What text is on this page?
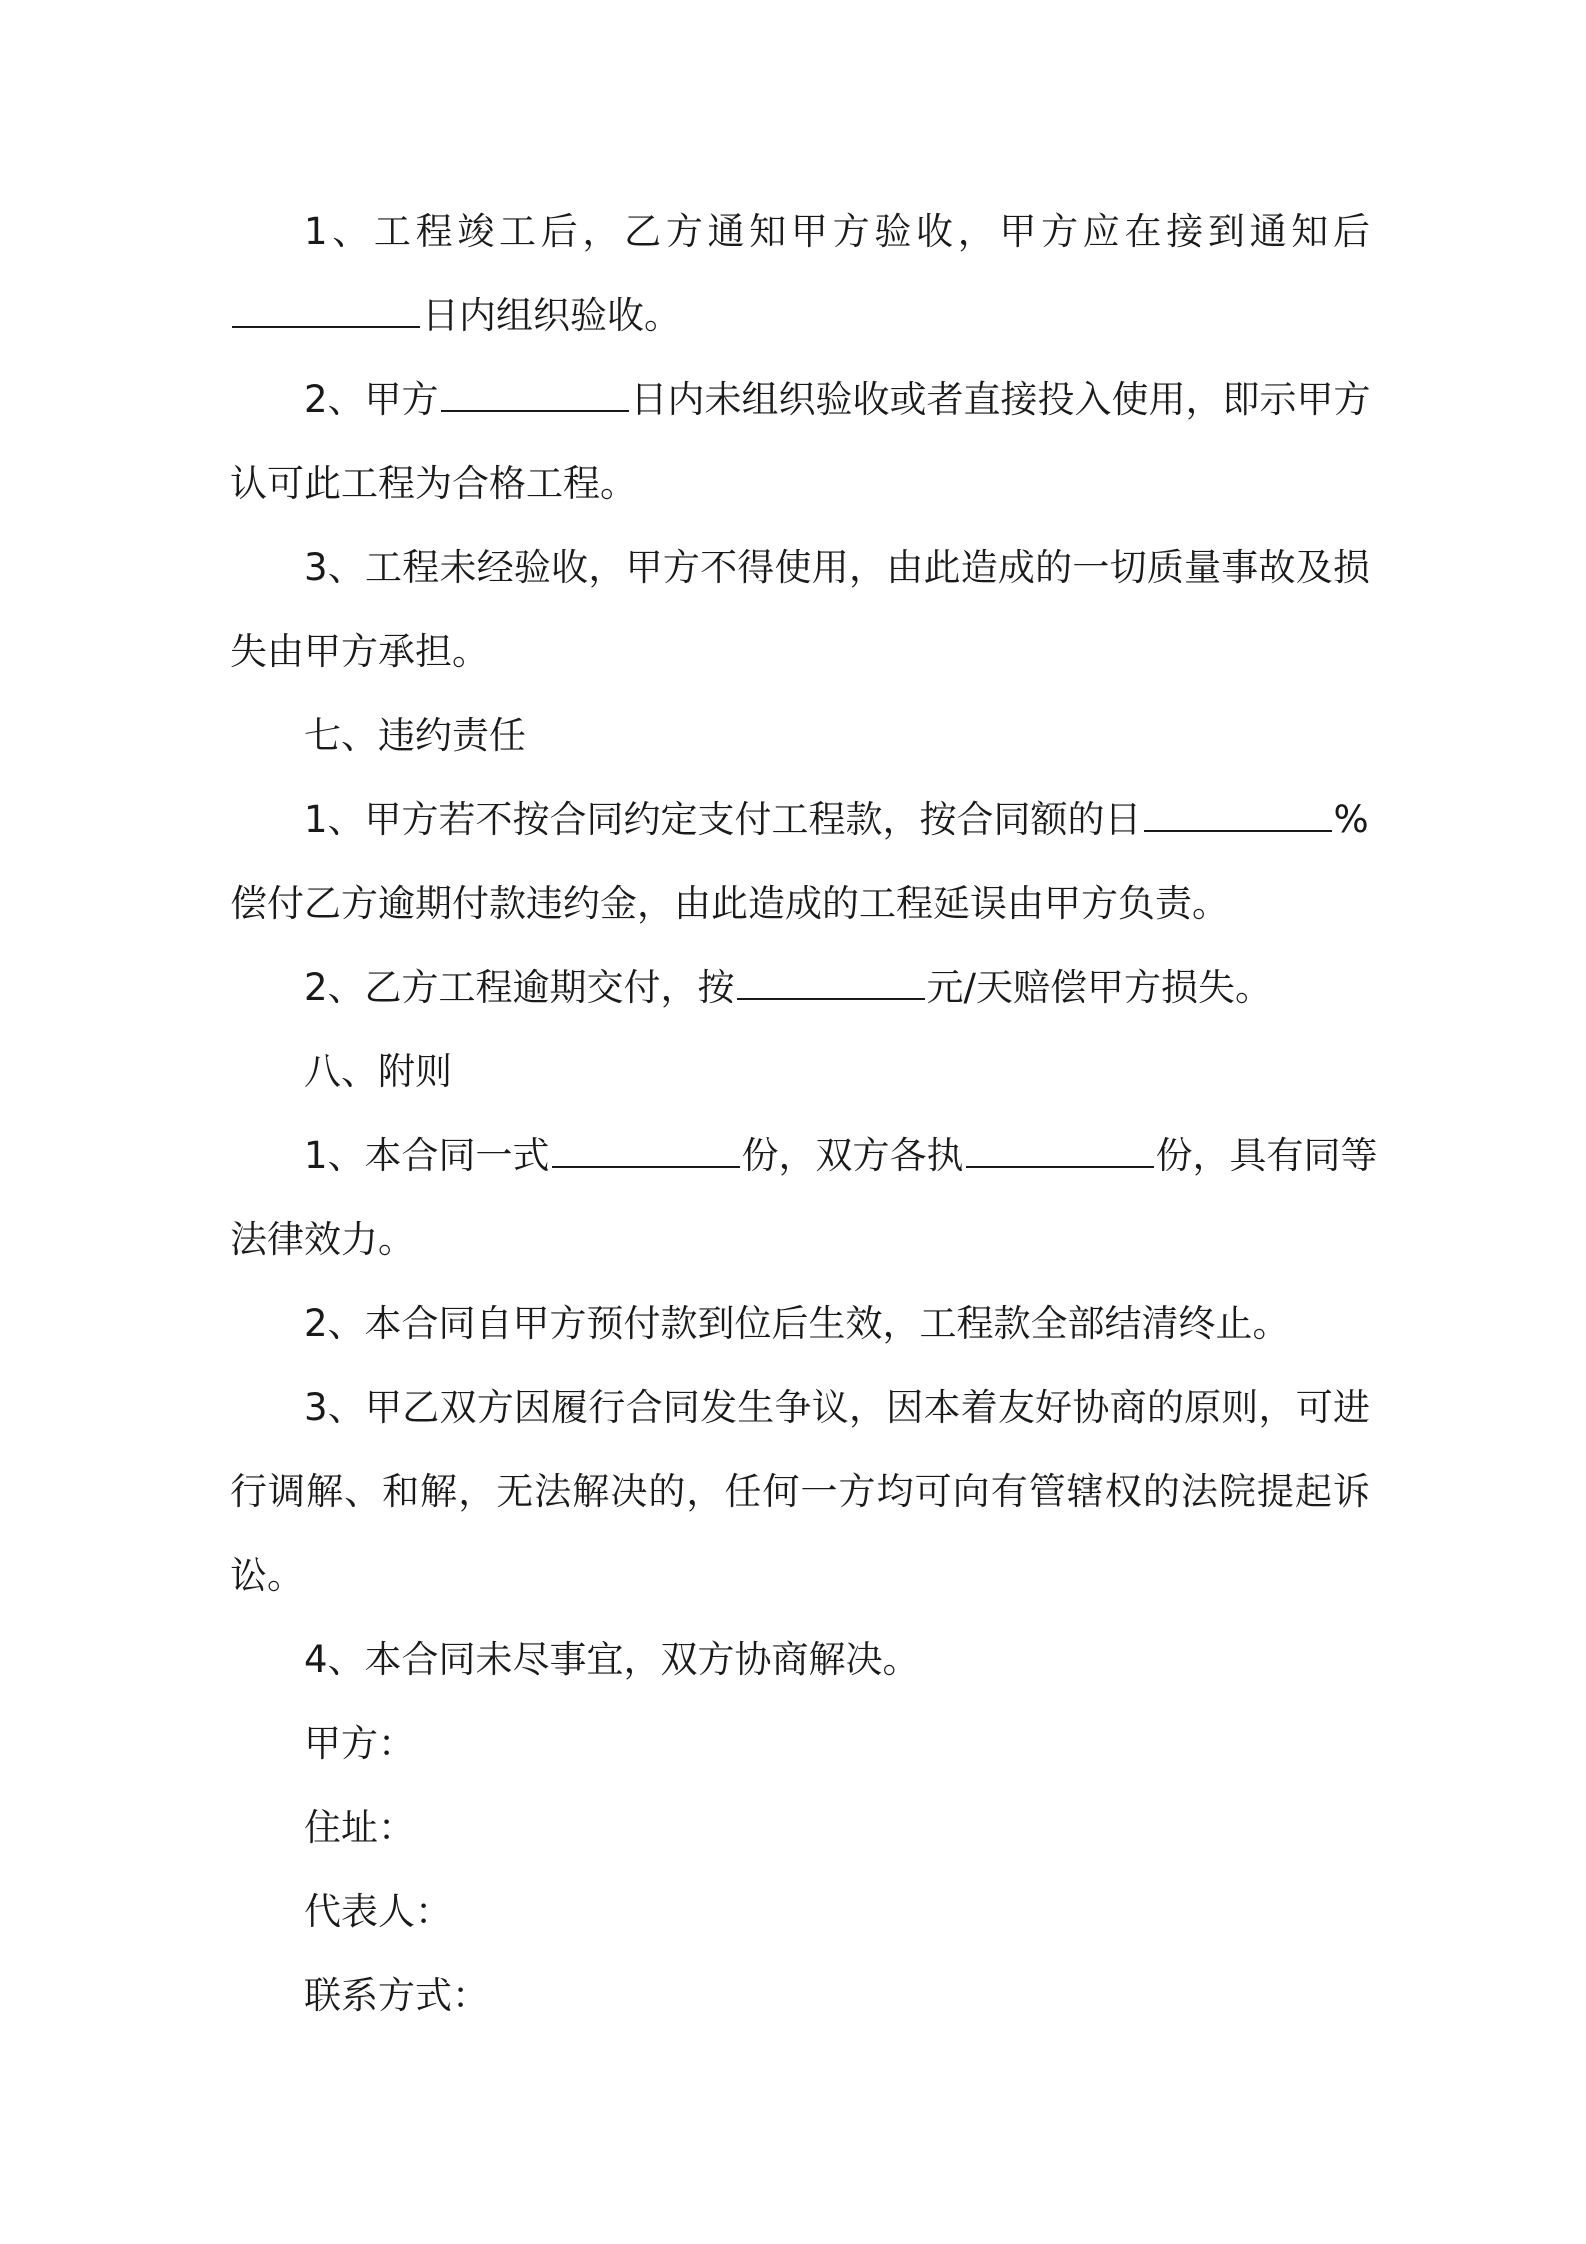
1、工程竣工后，乙方通知甲方验收，甲方应在接到通知后
日内组织验收。
2、甲方	日内未组织验收或者直接投入使用，即示甲方
认可此工程为合格工程。
3、工程未经验收，甲方不得使用，由此造成的一切质量事故及损
失由甲方承担。
七、违约责任
1、甲方若不按合同约定支付工程款，按合同额的日	%
偿付乙方逾期付款违约金，由此造成的工程延误由甲方负责。
2、乙方工程逾期交付，按	元/天赔偿甲方损失。
八、附则
1、本合同一式	份，双方各执	份，具有同等
法律效力。
2、本合同自甲方预付款到位后生效，工程款全部结清终止。
3、甲乙双方因履行合同发生争议，因本着友好协商的原则，可进
行调解、和解，无法解决的，任何一方均可向有管辖权的法院提起诉
讼。
4、本合同未尽事宜，双方协商解决。
甲方：
住址：
代表人：
联系方式：
